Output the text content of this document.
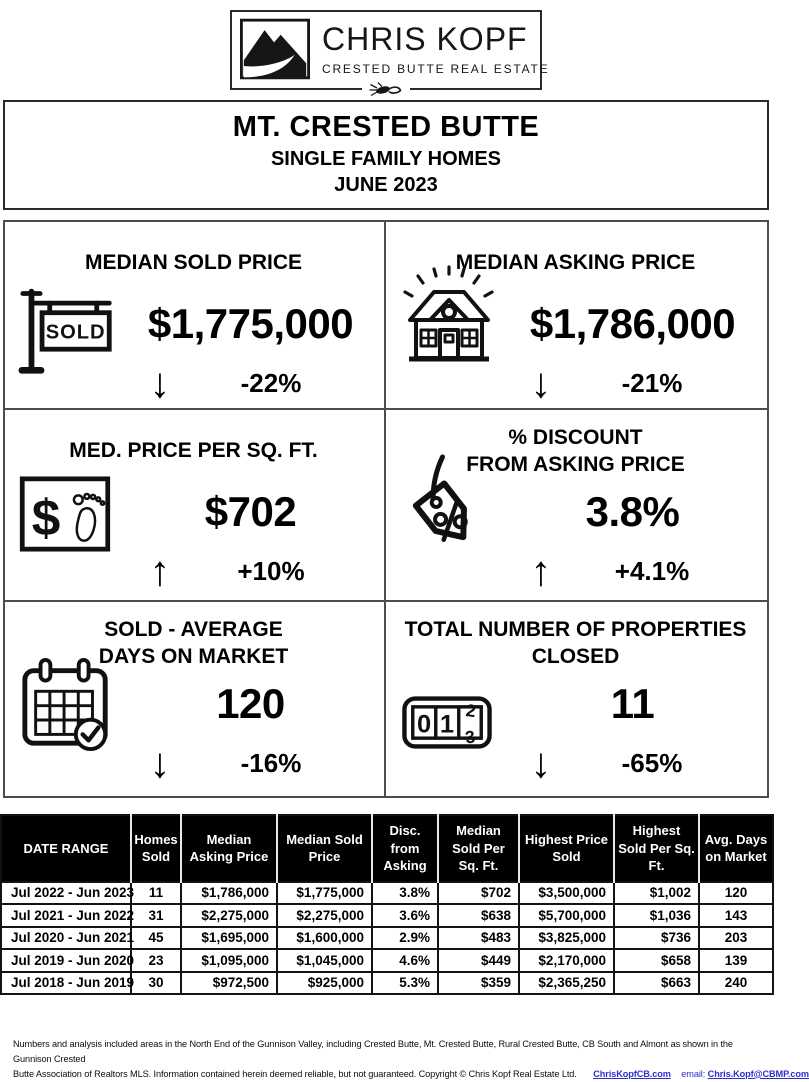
CHRIS KOPF
CRESTED BUTTE REAL ESTATE
MT. CRESTED BUTTE
SINGLE FAMILY HOMES
JUNE 2023
MEDIAN SOLD PRICE
SOLD	$1,775,000
↓	-22%
MEDIAN ASKING PRICE
$1,786,000
↓	-21%
MED. PRICE PER SQ. FT.
$	$702
↑	+10%
% DISCOUNT
FROM ASKING PRICE
3.8%
↑	+4.1%
SOLD - AVERAGE
DAYS ON MARKET
120
↓	-16%
TOTAL NUMBER OF PROPERTIES
CLOSED
0 1 2
3
11
↓	-65%
DATE RANGE	Homes Sold	Median Asking Price	Median Sold Price	Disc. from Asking	Median Sold Per Sq. Ft.	Highest Price Sold	Highest Sold Per Sq. Ft.	Avg. Days on Market
Jul 2022 - Jun 2023	11	$1,786,000	$1,775,000	3.8%	$702	$3,500,000	$1,002	120
Jul 2021 - Jun 2022	31	$2,275,000	$2,275,000	3.6%	$638	$5,700,000	$1,036	143
Jul 2020 - Jun 2021	45	$1,695,000	$1,600,000	2.9%	$483	$3,825,000	$736	203
Jul 2019 - Jun 2020	23	$1,095,000	$1,045,000	4.6%	$449	$2,170,000	$658	139
Jul 2018 - Jun 2019	30	$972,500	$925,000	5.3%	$359	$2,365,250	$663	240
Numbers and analysis included areas in the North End of the Gunnison Valley, including Crested Butte, Mt. Crested Butte, Rural Crested Butte, CB South and Almont as shown in the Gunnison Crested
Butte Association of Realtors MLS. Information contained herein deemed reliable, but not guaranteed. Copyright © Chris Kopf Real Estate Ltd. ChrisKopfCB.com email: Chris.Kopf@CBMP.com
